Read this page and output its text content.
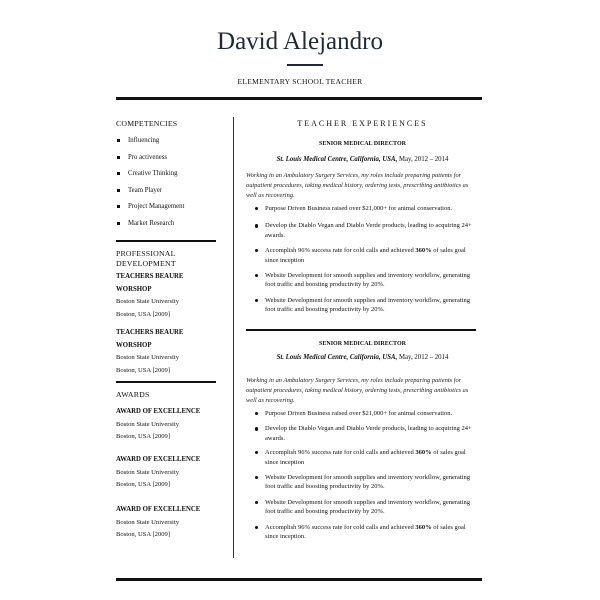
David Alejandro
ELEMENTARY SCHOOL TEACHER
COMPETENCIES
Influencing
Pro activeness
Creative Thinking
Team Player
Project Management
Market Research
PROFESSIONAL
DEVELOPMENT
TEACHERS BEAURE
WORSHOP
Boston State University
Boston, USA [2009]
TEACHERS BEAURE
WORSHOP
Boston State University
Boston, USA [2009]
AWARDS
AWARD OF EXCELLENCE
Boston State University
Boston, USA [2009]
AWARD OF EXCELLENCE
Boston State University
Boston, USA [2009]
AWARD OF EXCELLENCE
Boston State University
Boston, USA [2009]
TEACHER EXPERIENCES
SENIOR MEDICAL DIRECTOR
St. Louis Medical Centre, California, USA, May, 2012 – 2014
Working in an Ambulatory Surgery Services, my roles include preparing patients for outpatient procedures, taking medical history, ordering tests, prescribing antibiotics as well as recovering.
Purpose Driven Business raised over $21,000+ for animal conservation.
Develop the Diablo Vegan and Diablo Verde products, leading to acquiring 24+ awards.
Accomplish 96% success rate for cold calls and achieved 360% of sales goal since inception
Website Development for smooth supplies and inventory workflow, generating foot traffic and boosting productivity by 20%.
Website Development for smooth supplies and inventory workflow, generating foot traffic and boosting productivity by 20%.
SENIOR MEDICAL DIRECTOR
St. Louis Medical Centre, California, USA, May, 2012 – 2014
Working in an Ambulatory Surgery Services, my roles include preparing patients for outpatient procedures, taking medical history, ordering tests, prescribing antibiotics as well as recovering.
Purpose Driven Business raised over $21,000+ for animal conservation.
Develop the Diablo Vegan and Diablo Verde products, leading to acquiring 24+ awards.
Accomplish 96% success rate for cold calls and achieved 360% of sales goal since inception
Website Development for smooth supplies and inventory workflow, generating foot traffic and boosting productivity by 20%.
Website Development for smooth supplies and inventory workflow, generating foot traffic and boosting productivity by 20%.
Accomplish 96% success rate for cold calls and achieved 360% of sales goal since inception.
